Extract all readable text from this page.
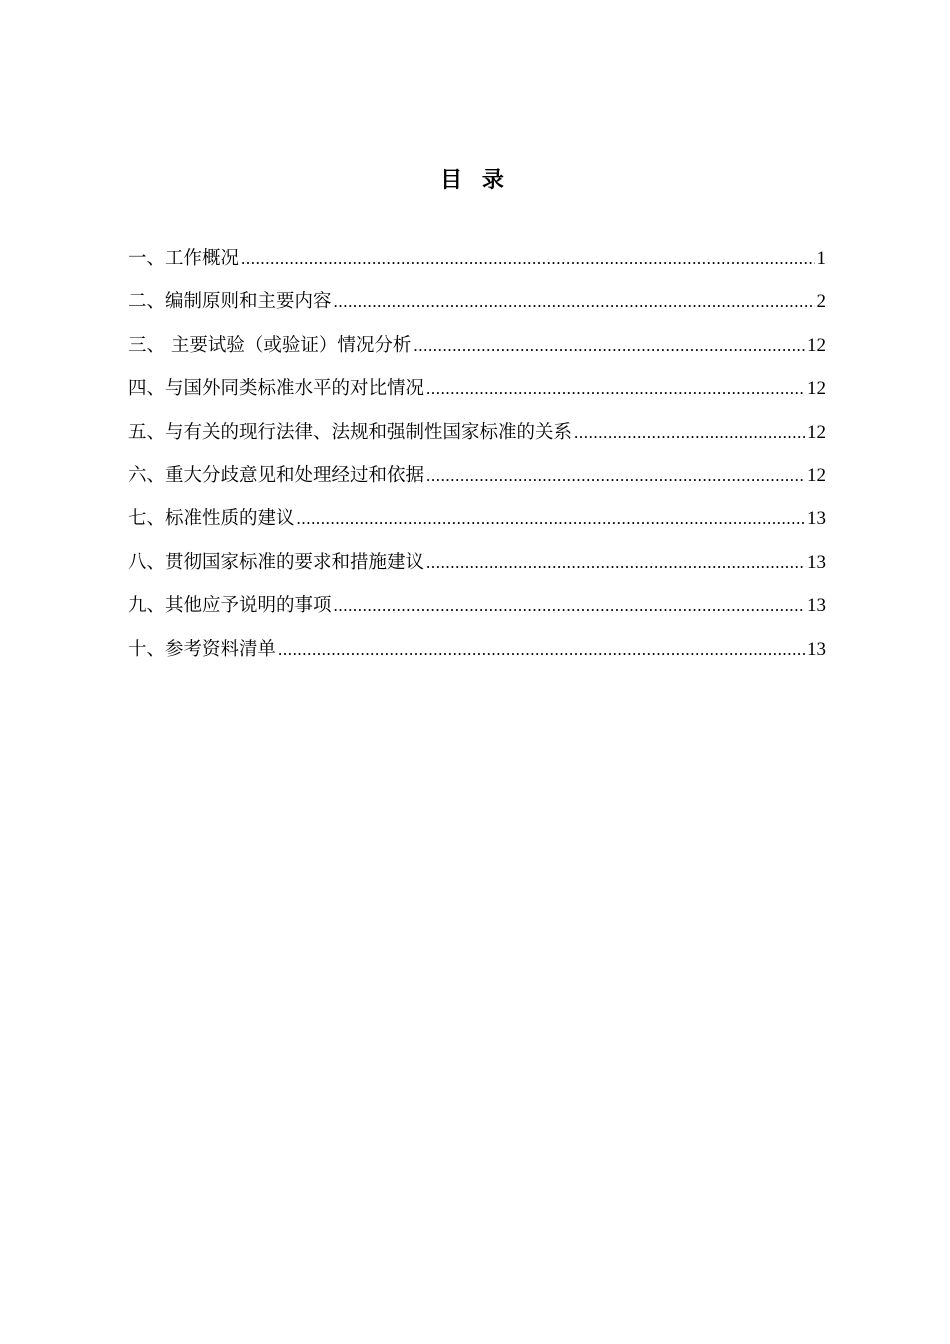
目 录
一、工作概况 .....	1
二、编制原则和主要内容 .....	2
三、 主要试验（或验证）情况分析 .....	12
四、与国外同类标准水平的对比情况 .....	12
五、与有关的现行法律、法规和强制性国家标准的关系 .....	12
六、重大分歧意见和处理经过和依据 .....	12
七、标准性质的建议 .....	13
八、贯彻国家标准的要求和措施建议 .....	13
九、其他应予说明的事项 .....	13
十、参考资料清单 .....	13
